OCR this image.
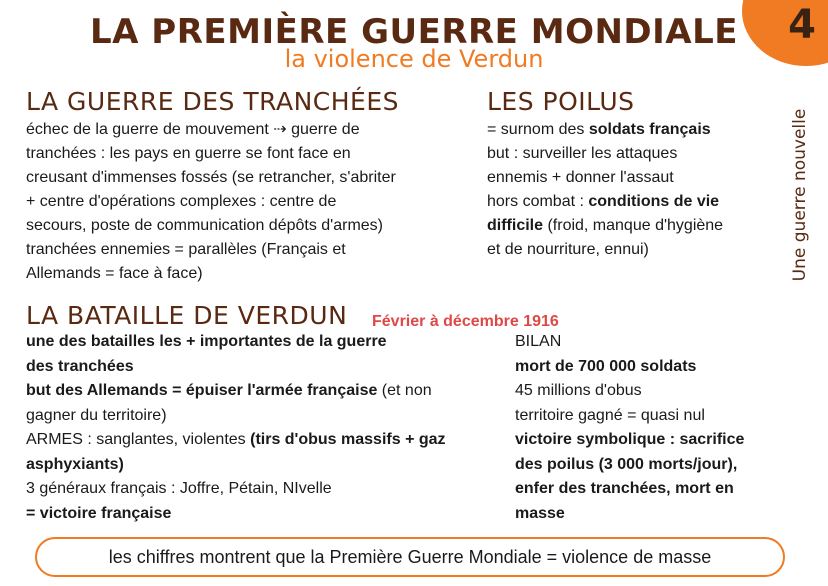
4
LA PREMIÈRE GUERRE MONDIALE
la violence de Verdun
Une guerre nouvelle
LA GUERRE DES TRANCHÉES

échec de la guerre de mouvement ⇢ guerre de

tranchées : les pays en guerre se font face en

creusant d'immenses fossés (se retrancher, s'abriter

+ centre d'opérations complexes : centre de

secours, poste de communication dépôts d'armes)

tranchées ennemies = parallèles (Français et

Allemands = face à face)

LES POILUS

= surnom des soldats français

but : surveiller les attaques

ennemis + donner l'assaut

hors combat : conditions de vie

difficile (froid, manque d'hygiène

et de nourriture, ennui)

LA BATAILLE DE VERDUN Février à décembre 1916

une des batailles les + importantes de la guerre

des tranchées

but des Allemands = épuiser l'armée française (et non

gagner du territoire)

ARMES : sanglantes, violentes (tirs d'obus massifs + gaz

asphyxiants)

3 généraux français : Joffre, Pétain, NIvelle

= victoire française

BILAN

mort de 700 000 soldats

45 millions d'obus

territoire gagné = quasi nul

victoire symbolique : sacrifice

des poilus (3 000 morts/jour),

enfer des tranchées, mort en

masse

les chiffres montrent que la Première Guerre Mondiale = violence de masse
